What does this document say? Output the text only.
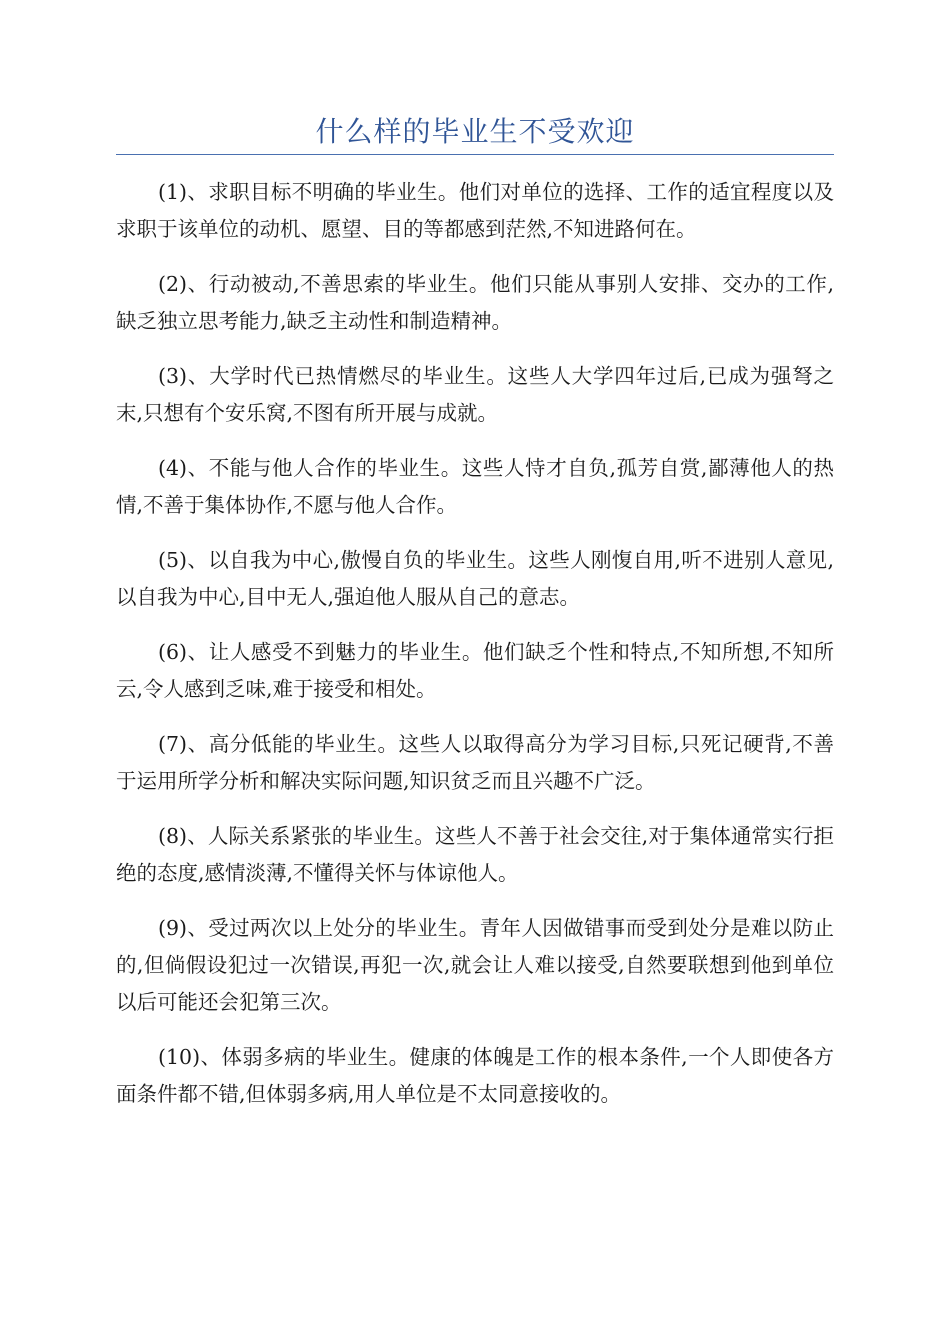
什么样的毕业生不受欢迎

(1)、求职目标不明确的毕业生。他们对单位的选择、工作的适宜程度以及求职于该单位的动机、愿望、目的等都感到茫然,不知进路何在。

(2)、行动被动,不善思索的毕业生。他们只能从事别人安排、交办的工作,缺乏独立思考能力,缺乏主动性和制造精神。

(3)、大学时代已热情燃尽的毕业生。这些人大学四年过后,已成为强弩之末,只想有个安乐窝,不图有所开展与成就。

(4)、不能与他人合作的毕业生。这些人恃才自负,孤芳自赏,鄙薄他人的热情,不善于集体协作,不愿与他人合作。

(5)、以自我为中心,傲慢自负的毕业生。这些人刚愎自用,听不进别人意见,以自我为中心,目中无人,强迫他人服从自己的意志。

(6)、让人感受不到魅力的毕业生。他们缺乏个性和特点,不知所想,不知所云,令人感到乏味,难于接受和相处。

(7)、高分低能的毕业生。这些人以取得高分为学习目标,只死记硬背,不善于运用所学分析和解决实际问题,知识贫乏而且兴趣不广泛。

(8)、人际关系紧张的毕业生。这些人不善于社会交往,对于集体通常实行拒绝的态度,感情淡薄,不懂得关怀与体谅他人。

(9)、受过两次以上处分的毕业生。青年人因做错事而受到处分是难以防止的,但倘假设犯过一次错误,再犯一次,就会让人难以接受,自然要联想到他到单位以后可能还会犯第三次。

(10)、体弱多病的毕业生。健康的体魄是工作的根本条件,一个人即使各方面条件都不错,但体弱多病,用人单位是不太同意接收的。
